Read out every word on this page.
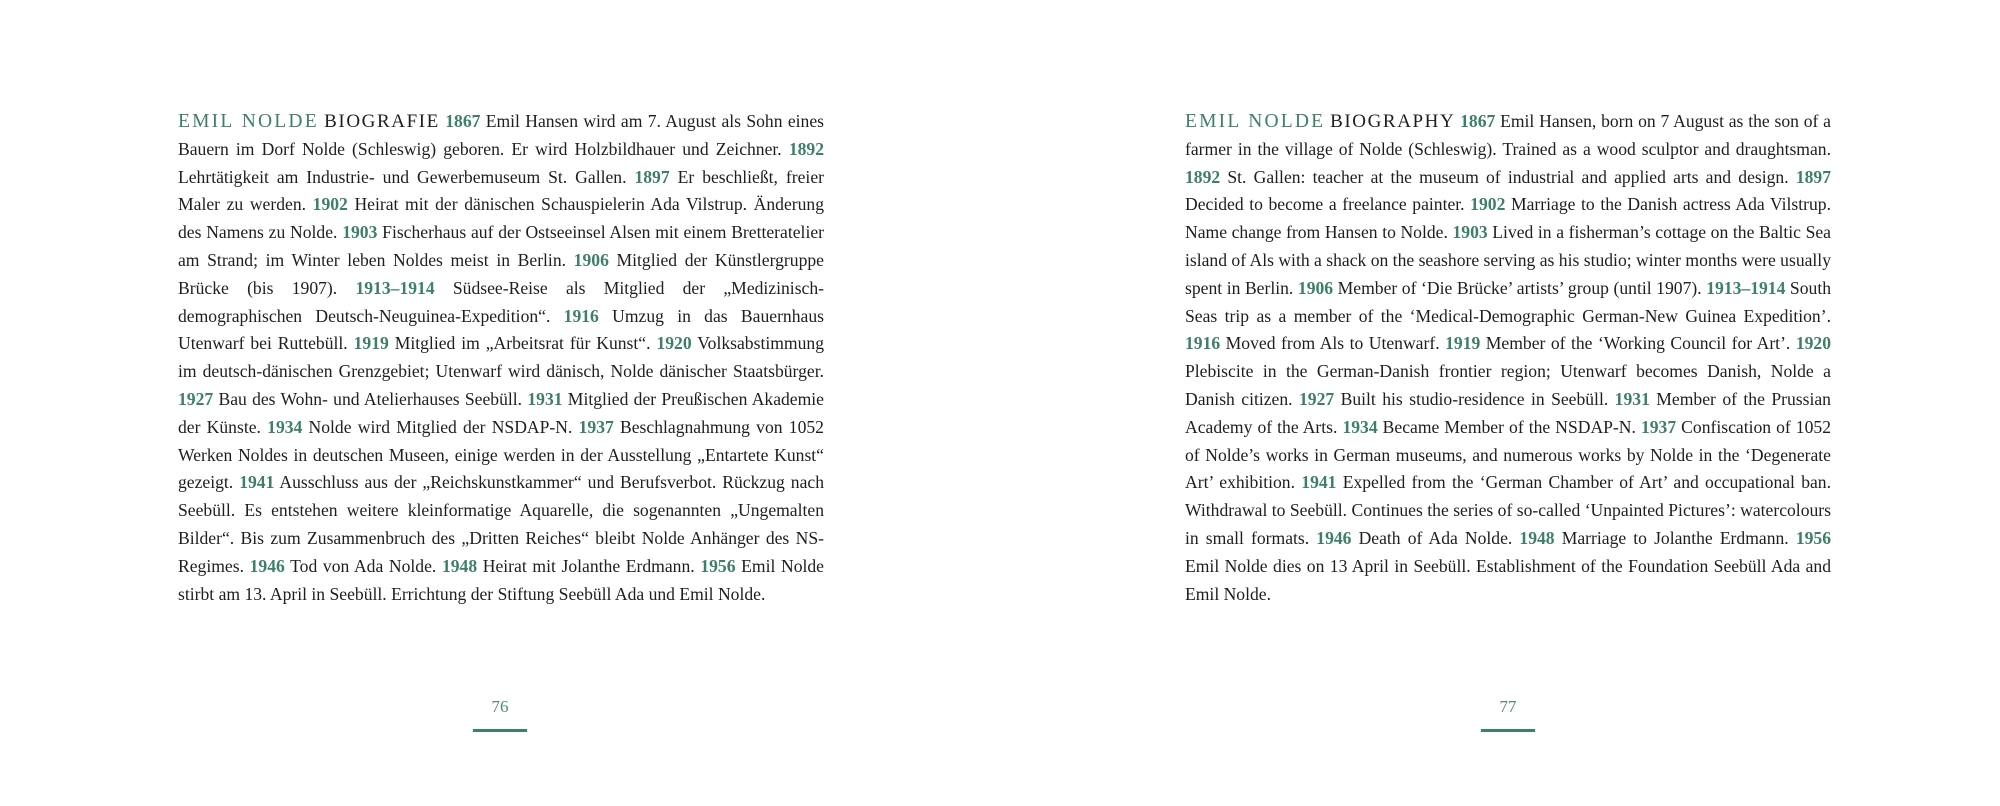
EMIL NOLDE BIOGRAFIE 1867 Emil Hansen wird am 7. August als Sohn eines Bauern im Dorf Nolde (Schleswig) geboren. Er wird Holzbildhauer und Zeichner. 1892 Lehrtätigkeit am Industrie- und Gewerbemuseum St. Gallen. 1897 Er beschließt, freier Maler zu werden. 1902 Heirat mit der dänischen Schauspielerin Ada Vilstrup. Änderung des Namens zu Nolde. 1903 Fischerhaus auf der Ostseeinsel Alsen mit einem Bretteratelier am Strand; im Winter leben Noldes meist in Berlin. 1906 Mitglied der Künstlergruppe Brücke (bis 1907). 1913–1914 Südsee-Reise als Mitglied der „Medizinisch-demographischen Deutsch-Neuguinea-Expedition“. 1916 Umzug in das Bauernhaus Utenwarf bei Ruttebüll. 1919 Mitglied im „Arbeitsrat für Kunst“. 1920 Volksabstimmung im deutsch-dänischen Grenzgebiet; Utenwarf wird dänisch, Nolde dänischer Staatsbürger. 1927 Bau des Wohn- und Atelierhauses Seebüll. 1931 Mitglied der Preußischen Akademie der Künste. 1934 Nolde wird Mitglied der NSDAP-N. 1937 Beschlagnahmung von 1052 Werken Noldes in deutschen Museen, einige werden in der Ausstellung „Entartete Kunst“ gezeigt. 1941 Ausschluss aus der „Reichskunstkammer“ und Berufsverbot. Rückzug nach Seebüll. Es entstehen weitere kleinformatige Aquarelle, die sogenannten „Ungemalten Bilder“. Bis zum Zusammenbruch des „Dritten Reiches“ bleibt Nolde Anhänger des NS-Regimes. 1946 Tod von Ada Nolde. 1948 Heirat mit Jolanthe Erdmann. 1956 Emil Nolde stirbt am 13. April in Seebüll. Errichtung der Stiftung Seebüll Ada und Emil Nolde.

76

EMIL NOLDE BIOGRAPHY 1867 Emil Hansen, born on 7 August as the son of a farmer in the village of Nolde (Schleswig). Trained as a wood sculptor and draughtsman. 1892 St. Gallen: teacher at the museum of industrial and applied arts and design. 1897 Decided to become a freelance painter. 1902 Marriage to the Danish actress Ada Vilstrup. Name change from Hansen to Nolde. 1903 Lived in a fisherman’s cottage on the Baltic Sea island of Als with a shack on the seashore serving as his studio; winter months were usually spent in Berlin. 1906 Member of ‘Die Brücke’ artists’ group (until 1907). 1913–1914 South Seas trip as a member of the ‘Medical-Demographic German-New Guinea Expedition’. 1916 Moved from Als to Utenwarf. 1919 Member of the ‘Working Council for Art’. 1920 Plebiscite in the German-Danish frontier region; Utenwarf becomes Danish, Nolde a Danish citizen. 1927 Built his studio-residence in Seebüll. 1931 Member of the Prussian Academy of the Arts. 1934 Became Member of the NSDAP-N. 1937 Confiscation of 1052 of Nolde’s works in German museums, and numerous works by Nolde in the ‘Degenerate Art’ exhibition. 1941 Expelled from the ‘German Chamber of Art’ and occupational ban. Withdrawal to Seebüll. Continues the series of so-called ‘Unpainted Pictures’: watercolours in small formats. 1946 Death of Ada Nolde. 1948 Marriage to Jolanthe Erdmann. 1956 Emil Nolde dies on 13 April in Seebüll. Establishment of the Foundation Seebüll Ada and Emil Nolde.

77
